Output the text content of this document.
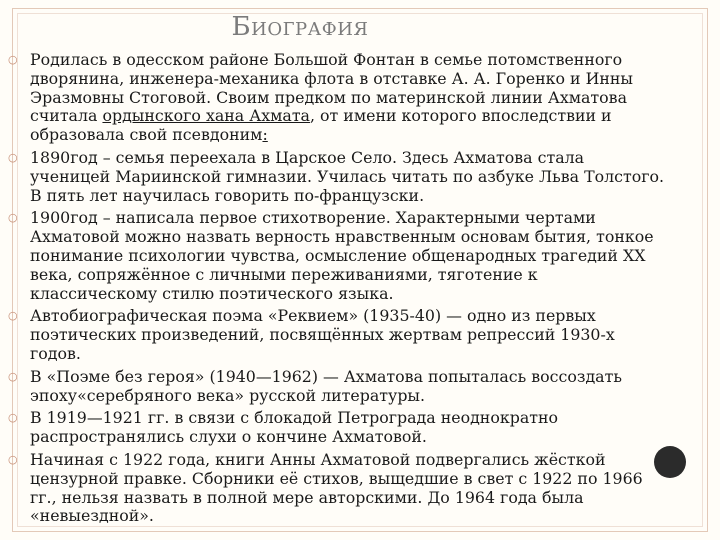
БИОГРАФИЯ
○ Родилась в одесском районе Большой Фонтан в семье потомственного дворянина, инженера-механика флота в отставке А. А. Горенко и Инны Эразмовны Стоговой. Своим предком по материнской линии Ахматова считала ордынского хана Ахмата, от имени которого впоследствии и образовала свой псевдоним:
○ 1890год – семья переехала в Царское Село. Здесь Ахматова стала ученицей Мариинской гимназии. Училась читать по азбуке Льва Толстого. В пять лет научилась говорить по-французски.
○ 1900год – написала первое стихотворение. Характерными чертами Ахматовой можно назвать верность нравственным основам бытия, тонкое понимание психологии чувства, осмысление общенародных трагедий XX века, сопряжённое с личными переживаниями, тяготение к классическому стилю поэтического языка.
○ Автобиографическая поэма «Реквием» (1935-40) — одно из первых поэтических произведений, посвящённых жертвам репрессий 1930-х годов.
○ В «Поэме без героя» (1940—1962) — Ахматова попыталась воссоздать эпоху«серебряного века» русской литературы.
○ В 1919—1921 гг. в связи с блокадой Петрограда неоднократно распространялись слухи о кончине Ахматовой.
○ Начиная с 1922 года, книги Анны Ахматовой подвергались жёсткой цензурной правке. Сборники её стихов, выщедшие в свет с 1922 по 1966 гг., нельзя назвать в полной мере авторскими. До 1964 года была «невыездной».
